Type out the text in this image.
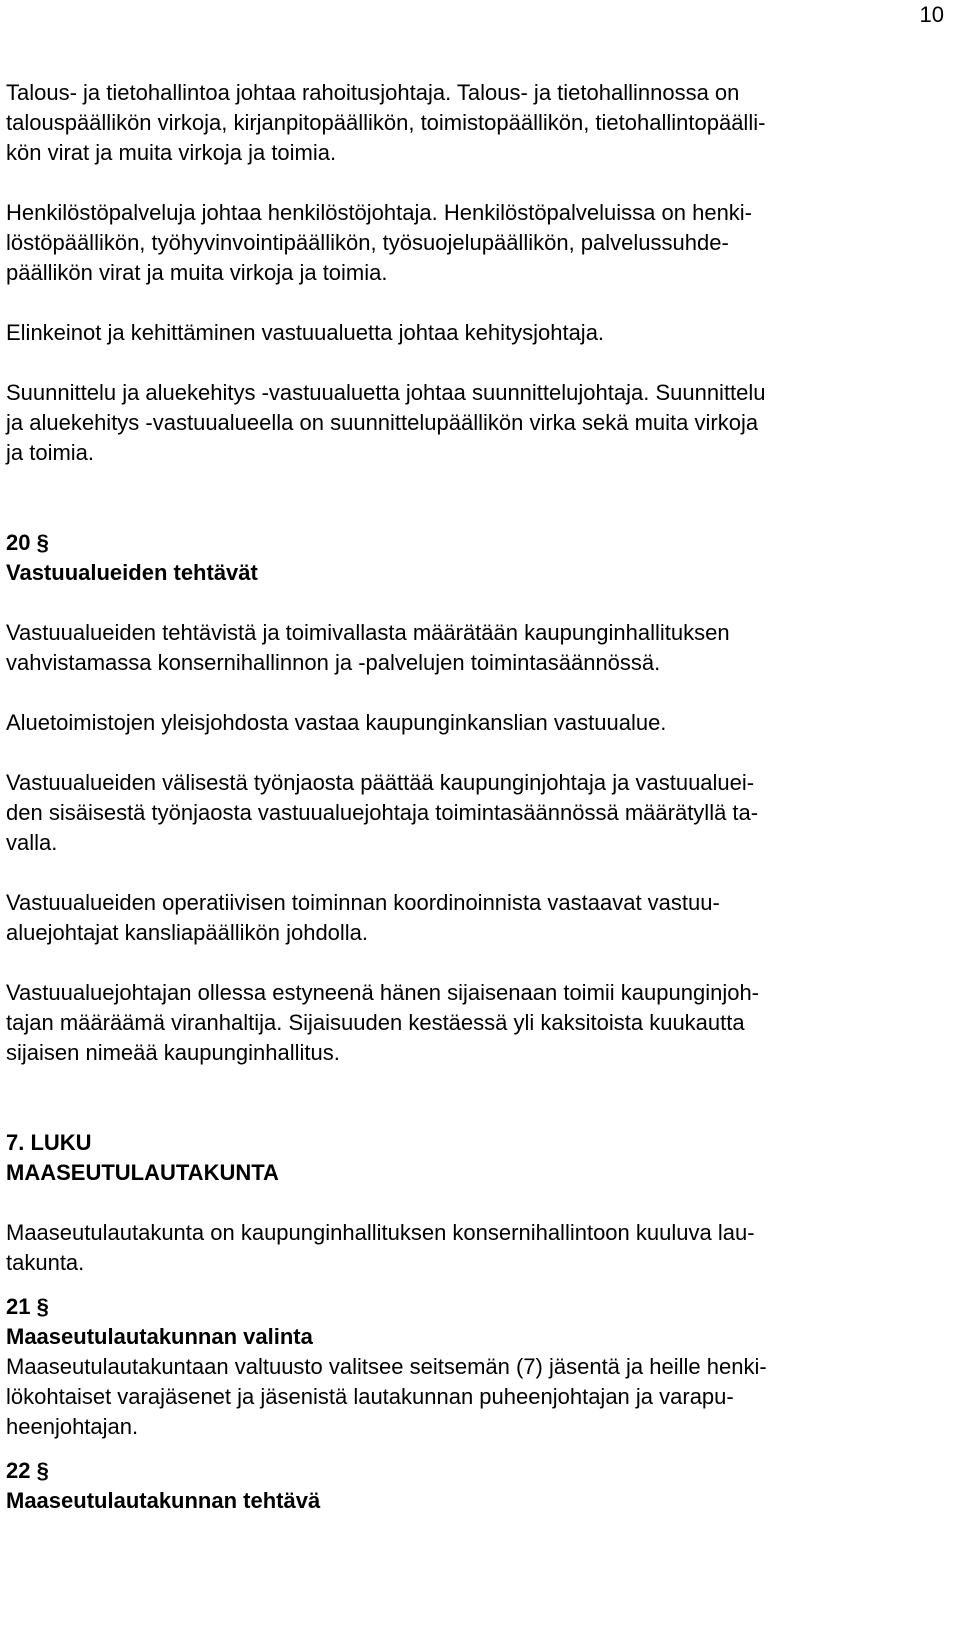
10

Talous- ja tietohallintoa johtaa rahoitusjohtaja. Talous- ja tietohallinnossa on
talouspäällikön virkoja, kirjanpitopäällikön, toimistopäällikön, tietohallintopäälli-
kön virat ja muita virkoja ja toimia.

Henkilöstöpalveluja johtaa henkilöstöjohtaja. Henkilöstöpalveluissa on henki-
löstöpäällikön, työhyvinvointipäällikön, työsuojelupäällikön, palvelussuhde-
päällikön virat ja muita virkoja ja toimia.

Elinkeinot ja kehittäminen vastuualuetta johtaa kehitysjohtaja.

Suunnittelu ja aluekehitys -vastuualuetta johtaa suunnittelujohtaja. Suunnittelu
ja aluekehitys -vastuualueella on suunnittelupäällikön virka sekä muita virkoja
ja toimia.

20 §
Vastuualueiden tehtävät

Vastuualueiden tehtävistä ja toimivallasta määrätään kaupunginhallituksen
vahvistamassa konsernihallinnon ja -palvelujen toimintasäännössä.

Aluetoimistojen yleisjohdosta vastaa kaupunginkanslian vastuualue.

Vastuualueiden välisestä työnjaosta päättää kaupunginjohtaja ja vastuualuei-
den sisäisestä työnjaosta vastuualuejohtaja toimintasäännössä määrätyllä ta-
valla.

Vastuualueiden operatiivisen toiminnan koordinoinnista vastaavat vastuu-
aluejohtajat kansliapäällikön johdolla.

Vastuualuejohtajan ollessa estyneenä hänen sijaisenaan toimii kaupunginjoh-
tajan määräämä viranhaltija. Sijaisuuden kestäessä yli kaksitoista kuukautta
sijaisen nimeää kaupunginhallitus.

7. LUKU
MAASEUTULAUTAKUNTA

Maaseutulautakunta on kaupunginhallituksen konsernihallintoon kuuluva lau-
takunta.

21 §
Maaseutulautakunnan valinta

Maaseutulautakuntaan valtuusto valitsee seitsemän (7) jäsentä ja heille henki-
lökohtaiset varajäsenet ja jäsenistä lautakunnan puheenjohtajan ja varapu-
heenjohtajan.

22 §
Maaseutulautakunnan tehtävä
